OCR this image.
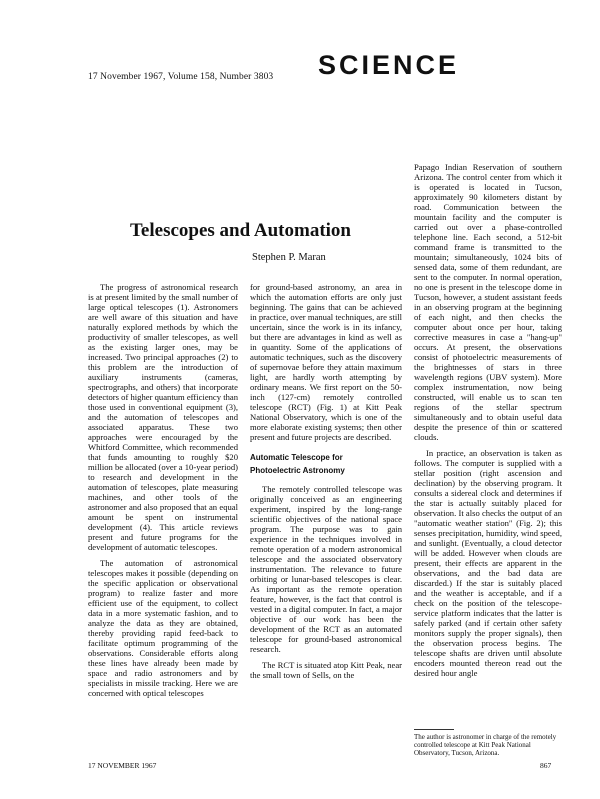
17 November 1967, Volume 158, Number 3803 SCIENCE
Telescopes and Automation
Stephen P. Maran

The progress of astronomical research is at present limited by the small number of large optical telescopes (1). Astronomers are well aware of this situation and have naturally explored methods by which the productivity of smaller telescopes, as well as the existing larger ones, may be increased. Two principal approaches (2) to this problem are the introduction of auxiliary instruments (cameras, spectrographs, and others) that incorporate detectors of higher quantum efficiency than those used in conventional equipment (3), and the automation of telescopes and associated apparatus. These two approaches were encouraged by the Whitford Committee, which recommended that funds amounting to roughly $20 million be allocated (over a 10-year period) to research and development in the automation of telescopes, plate measuring machines, and other tools of the astronomer and also proposed that an equal amount be spent on instrumental development (4). This article reviews present and future programs for the development of automatic telescopes.

The automation of astronomical telescopes makes it possible (depending on the specific application or observational program) to realize faster and more efficient use of the equipment, to collect data in a more systematic fashion, and to analyze the data as they are obtained, thereby providing rapid feed-back to facilitate optimum programming of the observations. Considerable efforts along these lines have already been made by space and radio astronomers and by specialists in missile tracking. Here we are concerned with optical telescopes

for ground-based astronomy, an area in which the automation efforts are only just beginning. The gains that can be achieved in practice, over manual techniques, are still uncertain, since the work is in its infancy, but there are advantages in kind as well as in quantity. Some of the applications of automatic techniques, such as the discovery of supernovae before they attain maximum light, are hardly worth attempting by ordinary means. We first report on the 50-inch (127-cm) remotely controlled telescope (RCT) (Fig. 1) at Kitt Peak National Observatory, which is one of the more elaborate existing systems; then other present and future projects are described.

Automatic Telescope for
Photoelectric Astronomy

The remotely controlled telescope was originally conceived as an engineering experiment, inspired by the long-range scientific objectives of the national space program. The purpose was to gain experience in the techniques involved in remote operation of a modern astronomical telescope and the associated observatory instrumentation. The relevance to future orbiting or lunar-based telescopes is clear. As important as the remote operation feature, however, is the fact that control is vested in a digital computer. In fact, a major objective of our work has been the development of the RCT as an automated telescope for ground-based astronomical research.

The RCT is situated atop Kitt Peak, near the small town of Sells, on the

Papago Indian Reservation of southern Arizona. The control center from which it is operated is located in Tucson, approximately 90 kilometers distant by road. Communication between the mountain facility and the computer is carried out over a phase-controlled telephone line. Each second, a 512-bit command frame is transmitted to the mountain; simultaneously, 1024 bits of sensed data, some of them redundant, are sent to the computer. In normal operation, no one is present in the telescope dome in Tucson, however, a student assistant feeds in an observing program at the beginning of each night, and then checks the computer about once per hour, taking corrective measures in case a "hang-up" occurs. At present, the observations consist of photoelectric measurements of the brightnesses of stars in three wavelength regions (UBV system). More complex instrumentation, now being constructed, will enable us to scan ten regions of the stellar spectrum simultaneously and to obtain useful data despite the presence of thin or scattered clouds.

In practice, an observation is taken as follows. The computer is supplied with a stellar position (right ascension and declination) by the observing program. It consults a sidereal clock and determines if the star is actually suitably placed for observation. It also checks the output of an "automatic weather station" (Fig. 2); this senses precipitation, humidity, wind speed, and sunlight. (Eventually, a cloud detector will be added. However when clouds are present, their effects are apparent in the observations, and the bad data are discarded.) If the star is suitably placed and the weather is acceptable, and if a check on the position of the telescope-service platform indicates that the latter is safely parked (and if certain other safety monitors supply the proper signals), then the observation process begins. The telescope shafts are driven until absolute encoders mounted thereon read out the desired hour angle

The author is astronomer in charge of the remotely controlled telescope at Kitt Peak National Observatory, Tucson, Arizona.
17 NOVEMBER 1967	867
